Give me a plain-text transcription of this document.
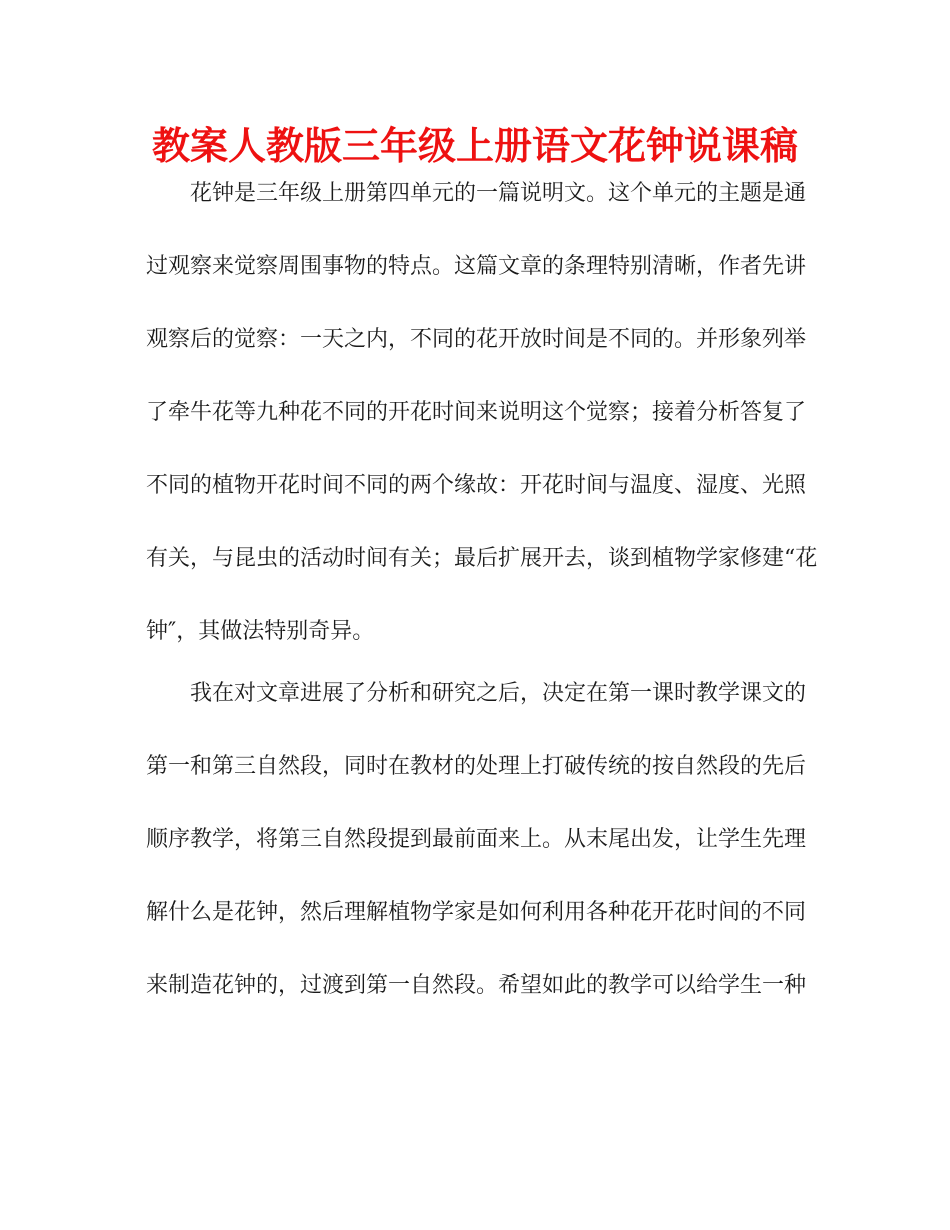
教案人教版三年级上册语文花钟说课稿
花钟是三年级上册第四单元的一篇说明文。这个单元的主题是通
过观察来觉察周围事物的特点。这篇文章的条理特别清晰，作者先讲
观察后的觉察：一天之内，不同的花开放时间是不同的。并形象列举
了牵牛花等九种花不同的开花时间来说明这个觉察；接着分析答复了
不同的植物开花时间不同的两个缘故：开花时间与温度、湿度、光照
有关，与昆虫的活动时间有关；最后扩展开去，谈到植物学家修建“花
钟″，其做法特别奇异。
我在对文章进展了分析和研究之后，决定在第一课时教学课文的
第一和第三自然段，同时在教材的处理上打破传统的按自然段的先后
顺序教学，将第三自然段提到最前面来上。从末尾出发，让学生先理
解什么是花钟，然后理解植物学家是如何利用各种花开花时间的不同
来制造花钟的，过渡到第一自然段。希望如此的教学可以给学生一种
